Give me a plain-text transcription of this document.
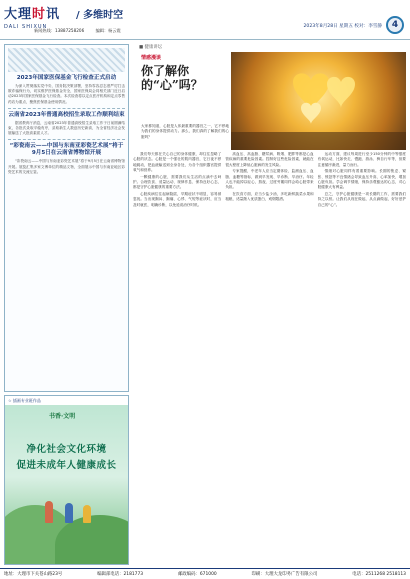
大理时讯
DALI SHIXUN
/ 多维时空
新闻热线：13887258206	编辑：杨云霞
2023年8月28日 星期五 校对：李雪静	4
2023年国家医保基金飞行检查正式启动

为深入贯彻落实党中央、国务院决策部署，坚持零容忍态度严厉打击欺诈骗保行为，切实维护医保基金安全，国家医保局会同相关部门近日启动2023年国家医保基金飞行检查。本次检查将以定点医疗机构和定点零售药店为重点，聚焦医保基金使用情况。

云南省2023年普通高校招生录取工作顺利结束

据省教育厅消息，云南省2023年普通高校招生录取工作于日前圆满结束，各批次录取平稳有序，录取新生人数创历史新高，为全省经济社会发展输送了大批高素质人才。

“彩瓷南云——中国与东南亚彩瓷艺术展”将于9月5日在云南省博物馆开展

“彩瓷南云——中国与东南亚彩瓷艺术展”将于9月5日在云南省博物馆开展。展览汇集多家文博单位的精品文物，全面展示中国与东南亚地区彩瓷艺术的交流互鉴。

☆ 插画专业班作品
书香·文明
净化社会文化环境
促进未成年人健康成长
■ 健康讲坛
情感漫谈
你了解你的“心”吗？
大家都知道，心脏是人体最重要的器官之一，它不停地为我们的身体提供动力。那么，我们真的了解我们的心脏吗？

我们每天都在关心自己的身体健康，却往往忽略了心脏的状态。心脏是一个强壮的肌肉器官，它日夜不停地跳动，把血液输送到全身各处，为各个组织器官提供氧气和营养。

一颗健康的心脏，需要我们从生活的点滴中去呵护。合理饮食、适量运动、规律作息、保持良好心态，都是守护心脏健康的重要方法。

心脏疾病往往起病隐匿，早期症状不明显，容易被忽视。当出现胸闷、胸痛、心悸、气短等症状时，应当及时就医，明确诊断，以免延误治疗时机。

高血压、高血脂、糖尿病、吸烟、肥胖等都是心血管疾病的重要危险因素。控制好这些危险因素，就能在很大程度上降低心脏病的发生风险。

专家提醒，中老年人应当定期体检，监测血压、血脂、血糖等指标，做到早发现、早诊断、早治疗。年轻人也不能掉以轻心，熬夜、过度劳累同样会给心脏带来负担。

在饮食方面，应当少盐少油，多吃新鲜蔬菜水果和粗粮，适量摄入优质蛋白，戒烟限酒。

运动方面，建议每周进行至少150分钟的中等强度有氧运动，比如快走、慢跑、游泳、骑自行车等，但要注意循序渐进，量力而行。

情绪对心脏同样有着重要影响。长期的焦虑、紧张、愤怒等不良情绪会导致血压升高、心率加快，增加心脏负担。学会调节情绪，保持乐观豁达的心态，对心脏健康大有裨益。

总之，守护心脏健康是一项长期的工作，需要我们持之以恒。让我们从现在做起，从点滴做起，好好爱护自己的“心”。

地址：大理市下关苍山路23号	编辑部电话：2181773	邮政编码：671000	印刷：大理大龙印务广告有限公司	电话：2511268 2518113
